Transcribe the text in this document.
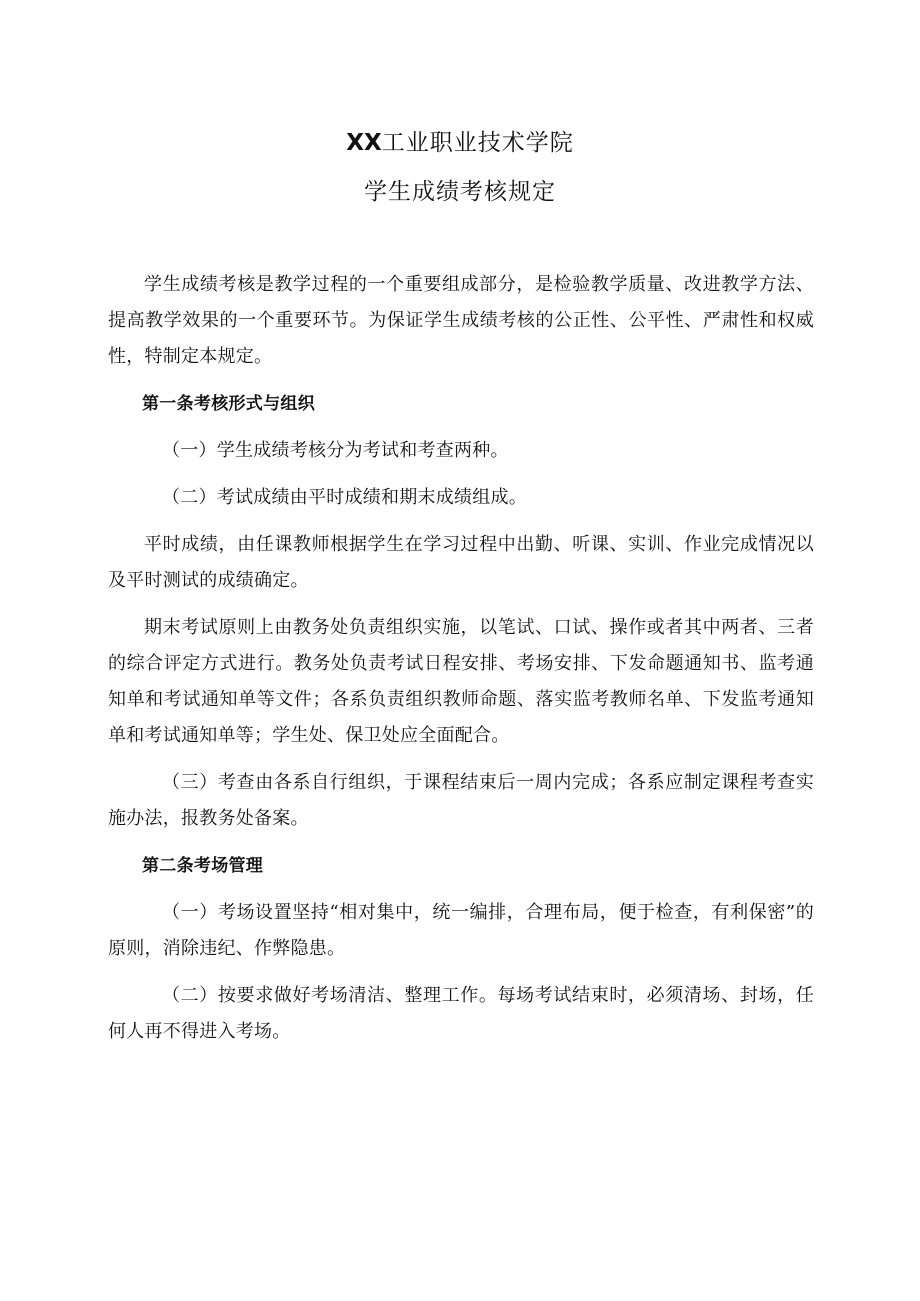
XX工业职业技术学院
学生成绩考核规定

学生成绩考核是教学过程的一个重要组成部分，是检验教学质量、改进教学方法、提高教学效果的一个重要环节。为保证学生成绩考核的公正性、公平性、严肃性和权威性，特制定本规定。

第一条考核形式与组织

（一）学生成绩考核分为考试和考查两种。

（二）考试成绩由平时成绩和期末成绩组成。

平时成绩，由任课教师根据学生在学习过程中出勤、听课、实训、作业完成情况以及平时测试的成绩确定。

期末考试原则上由教务处负责组织实施，以笔试、口试、操作或者其中两者、三者的综合评定方式进行。教务处负责考试日程安排、考场安排、下发命题通知书、监考通知单和考试通知单等文件；各系负责组织教师命题、落实监考教师名单、下发监考通知单和考试通知单等；学生处、保卫处应全面配合。

（三）考查由各系自行组织，于课程结束后一周内完成；各系应制定课程考查实施办法，报教务处备案。

第二条考场管理

（一）考场设置坚持“相对集中，统一编排，合理布局，便于检查，有利保密”的原则，消除违纪、作弊隐患。

（二）按要求做好考场清洁、整理工作。每场考试结束时，必须清场、封场，任何人再不得进入考场。
